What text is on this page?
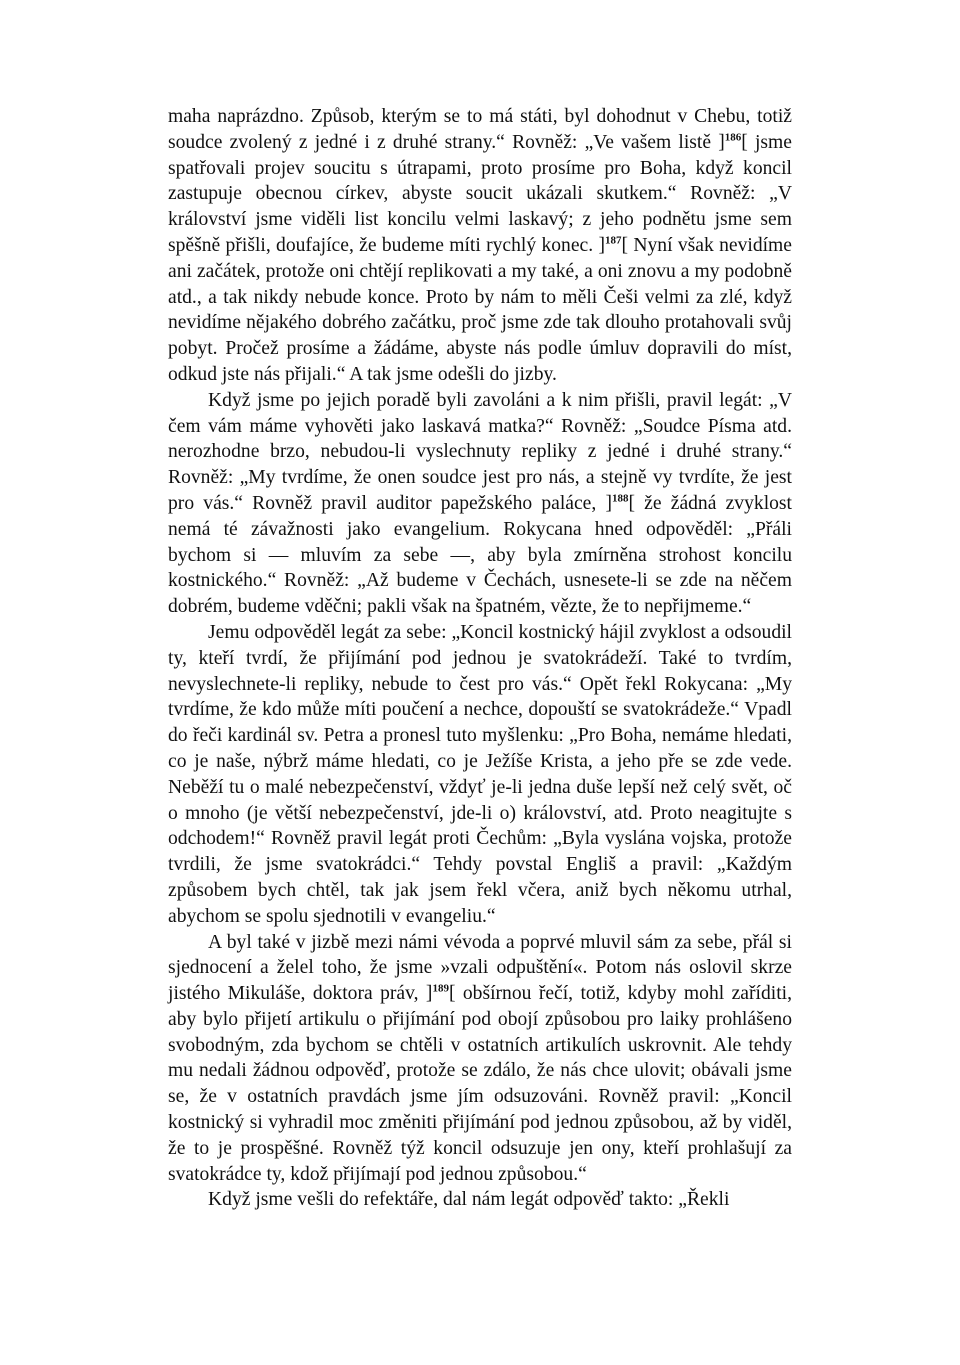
maha naprázdno. Způsob, kterým se to má státi, byl dohodnut v Chebu, totiž soudce zvolený z jedné i z druhé strany.“ Rovněž: „Ve vašem listě ]$^{186}$[ jsme spatřovali projev soucitu s útrapami, proto prosíme pro Boha, když koncil zastupuje obecnou církev, abyste soucit ukázali skutkem.“ Rovněž: „V království jsme viděli list koncilu velmi laskavý; z jeho podnětu jsme sem spěšně přišli, doufajíce, že budeme míti rychlý konec. ]$^{187}$[ Nyní však nevidíme ani začátek, protože oni chtějí replikovati a my také, a oni znovu a my podobně atd., a tak nikdy nebude konce. Proto by nám to měli Češi velmi za zlé, když nevidíme nějakého dobrého začátku, proč jsme zde tak dlouho protahovali svůj pobyt. Pročež prosíme a žádáme, abyste nás podle úmluv dopravili do míst, odkud jste nás přijali.“ A tak jsme odešli do jizby.

Když jsme po jejich poradě byli zavoláni a k nim přišli, pravil legát: „V čem vám máme vyhověti jako laskavá matka?“ Rovněž: „Soudce Písma atd. nerozhodne brzo, nebudou-li vyslechnuty repliky z jedné i druhé strany.“ Rovněž: „My tvrdíme, že onen soudce jest pro nás, a stejně vy tvrdíte, že jest pro vás.“ Rovněž pravil auditor papežského paláce, ]$^{188}$[ že žádná zvyklost nemá té závažnosti jako evangelium. Rokycana hned odpověděl: „Přáli bychom si — mluvím za sebe —, aby byla zmírněna strohost koncilu kostnického.“ Rovněž: „Až budeme v Čechách, usnesete-li se zde na něčem dobrém, budeme vděčni; pakli však na špatném, vězte, že to nepřijmeme.“

Jemu odpověděl legát za sebe: „Koncil kostnický hájil zvyklost a odsoudil ty, kteří tvrdí, že přijímání pod jednou je svatokrádeží. Také to tvrdím, nevyslechnete-li repliky, nebude to čest pro vás.“ Opět řekl Rokycana: „My tvrdíme, že kdo může míti poučení a nechce, dopouští se svatokrádeže.“ Vpadl do řeči kardinál sv. Petra a pronesl tuto myšlenku: „Pro Boha, nemáme hledati, co je naše, nýbrž máme hledati, co je Ježíše Krista, a jeho pře se zde vede. Neběží tu o malé nebezpečenství, vždyť je-li jedna duše lepší než celý svět, oč o mnoho (je větší nebezpečenství, jde-li o) království, atd. Proto neagitujte s odchodem!“ Rovněž pravil legát proti Čechům: „Byla vyslána vojska, protože tvrdili, že jsme svatokrádci.“ Tehdy povstal Engliš a pravil: „Každým způsobem bych chtěl, tak jak jsem řekl včera, aniž bych někomu utrhal, abychom se spolu sjednotili v evangeliu.“

A byl také v jizbě mezi námi vévoda a poprvé mluvil sám za sebe, přál si sjednocení a želel toho, že jsme »vzali odpuštění«. Potom nás oslovil skrze jistého Mikuláše, doktora práv, ]$^{189}$[ obšírnou řečí, totiž, kdyby mohl zaříditi, aby bylo přijetí artikulu o přijímání pod obojí způsobou pro laiky prohlášeno svobodným, zda bychom se chtěli v ostatních artikulích uskrovnit. Ale tehdy mu nedali žádnou odpověď, protože se zdálo, že nás chce ulovit; obávali jsme se, že v ostatních pravdách jsme jím odsuzováni. Rovněž pravil: „Koncil kostnický si vyhradil moc změniti přijímání pod jednou způsobou, až by viděl, že to je prospěšné. Rovněž týž koncil odsuzuje jen ony, kteří prohlašují za svatokrádce ty, kdož přijímají pod jednou způsobou.“

Když jsme vešli do refektáře, dal nám legát odpověď takto: „Řekli
